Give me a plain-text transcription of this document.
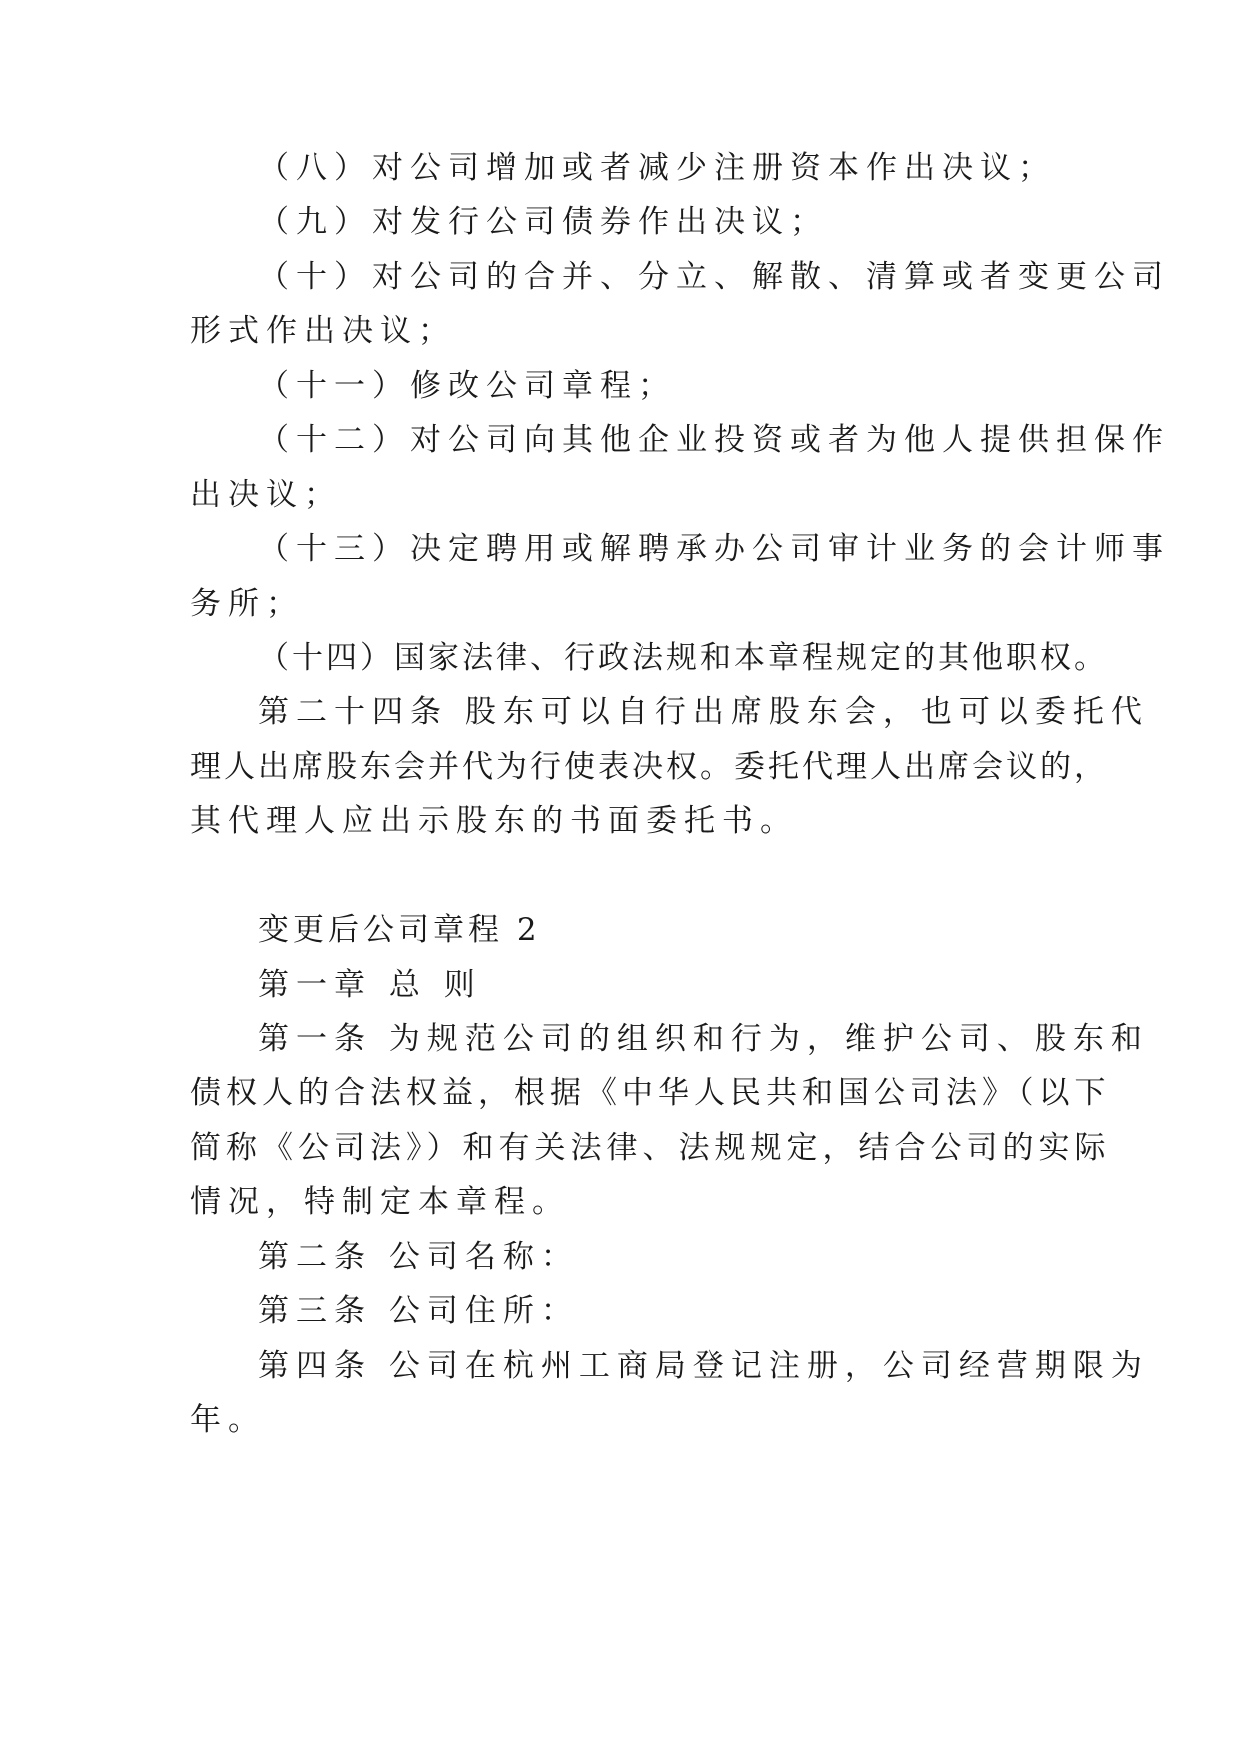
（八）对公司增加或者减少注册资本作出决议；
（九）对发行公司债券作出决议；
（十）对公司的合并、分立、解散、清算或者变更公司
形式作出决议；
（十一）修改公司章程；
（十二）对公司向其他企业投资或者为他人提供担保作
出决议；
（十三）决定聘用或解聘承办公司审计业务的会计师事
务所；
（十四）国家法律、行政法规和本章程规定的其他职权。
第二十四条 股东可以自行出席股东会，也可以委托代
理人出席股东会并代为行使表决权。委托代理人出席会议的，
其代理人应出示股东的书面委托书。
变更后公司章程 2
第一章 总 则
第一条 为规范公司的组织和行为，维护公司、股东和
债权人的合法权益，根据《中华人民共和国公司法》（以下
简称《公司法》）和有关法律、法规规定，结合公司的实际
情况，特制定本章程。
第二条 公司名称：
第三条 公司住所：
第四条 公司在杭州工商局登记注册，公司经营期限为
年。
